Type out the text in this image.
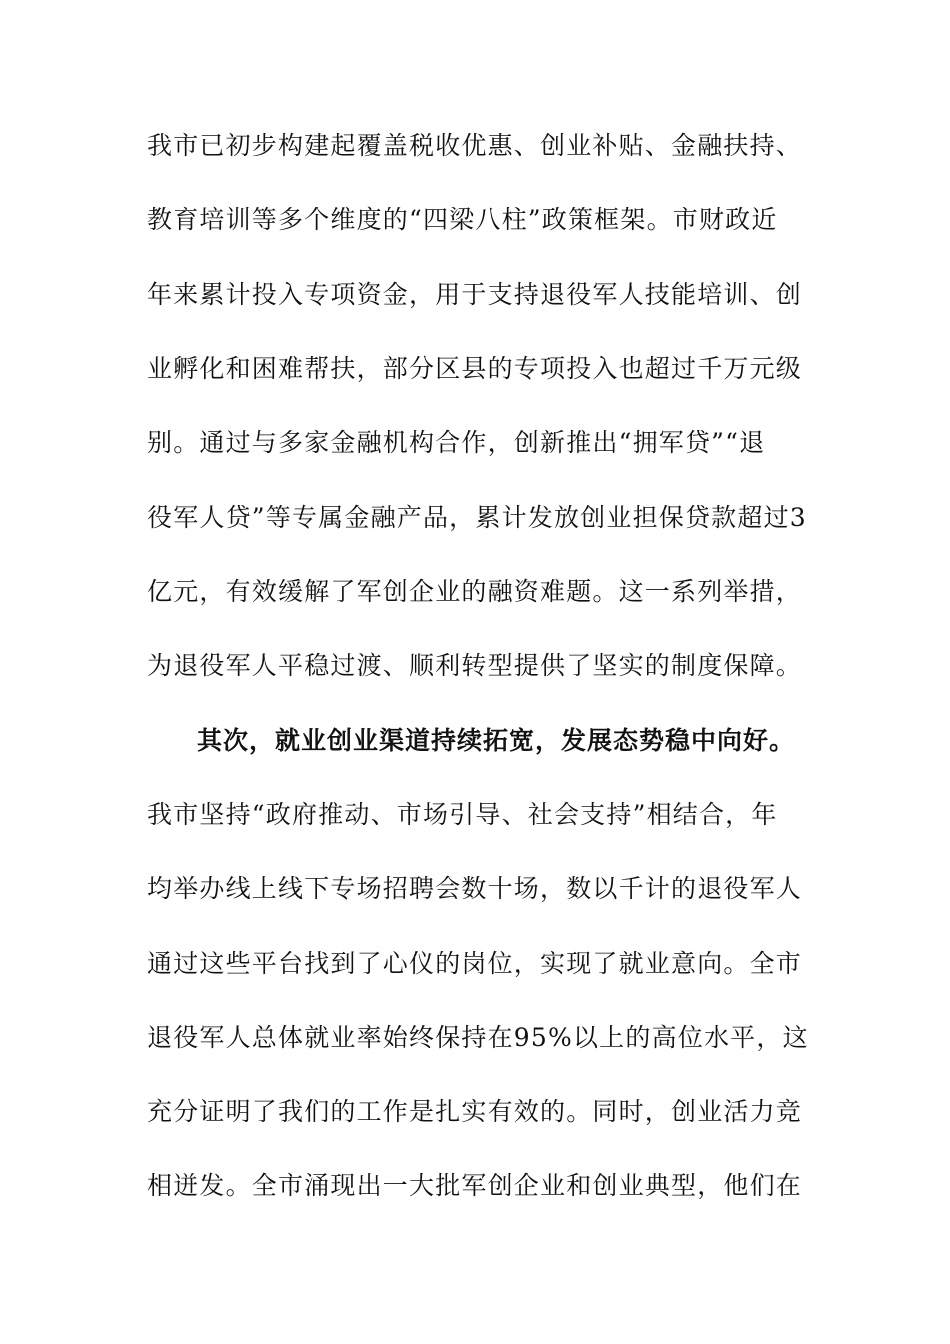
我市已初步构建起覆盖税收优惠、创业补贴、金融扶持、
教育培训等多个维度的“四梁八柱”政策框架。市财政近
年来累计投入专项资金，用于支持退役军人技能培训、创
业孵化和困难帮扶，部分区县的专项投入也超过千万元级
别。通过与多家金融机构合作，创新推出“拥军贷”“退
役军人贷”等专属金融产品，累计发放创业担保贷款超过3
亿元，有效缓解了军创企业的融资难题。这一系列举措，
为退役军人平稳过渡、顺利转型提供了坚实的制度保障。
其次，就业创业渠道持续拓宽，发展态势稳中向好。
我市坚持“政府推动、市场引导、社会支持”相结合，年
均举办线上线下专场招聘会数十场，数以千计的退役军人
通过这些平台找到了心仪的岗位，实现了就业意向。全市
退役军人总体就业率始终保持在95%以上的高位水平，这
充分证明了我们的工作是扎实有效的。同时，创业活力竞
相迸发。全市涌现出一大批军创企业和创业典型，他们在
